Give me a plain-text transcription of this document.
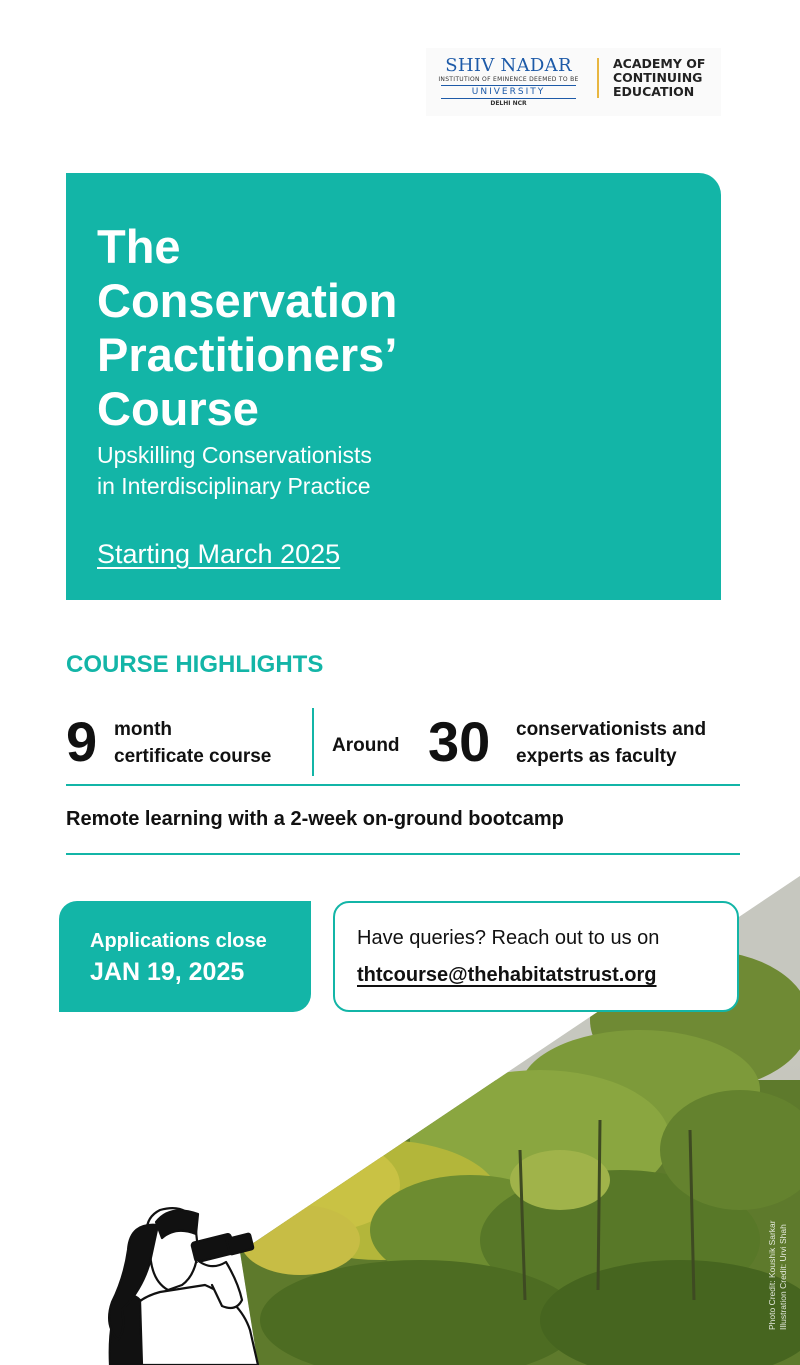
SHIV NADAR
INSTITUTION OF EMINENCE DEEMED TO BE
UNIVERSITY
DELHI NCR
ACADEMY OF
CONTINUING
EDUCATION
The
Conservation
Practitioners’
Course
Upskilling Conservationists
in Interdisciplinary Practice
Starting March 2025
COURSE HIGHLIGHTS
9 month
certificate course
Around 30 conservationists and
experts as faculty
Remote learning with a 2-week on-ground bootcamp
Applications close
JAN 19, 2025
Have queries? Reach out to us on
thtcourse@thehabitatstrust.org
Photo Credit: Koushik Sarkar Illustration Credit: Urvi Shah
